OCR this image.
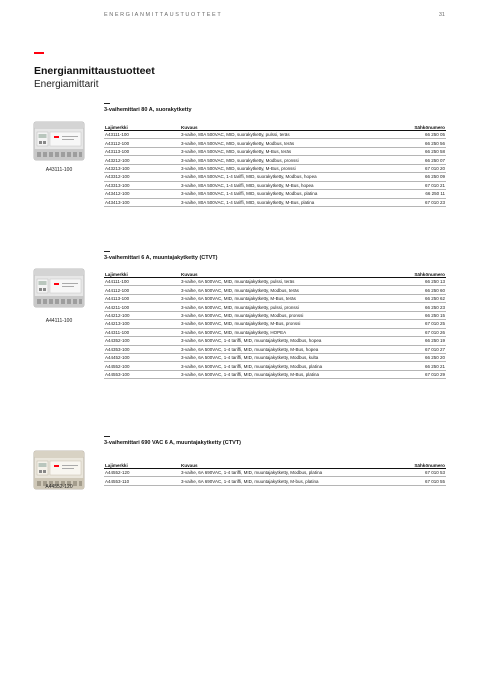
ENERGIANMITTAUSTUOTTEET	31
Energianmittaustuotteet
Energiamittarit
3-vaihemittari 80 A, suorakytketty
A43111-100
Lajimerkki	Kuvaus	Sähkönumero
A43111-100	3-vaihe, 80A 500VAC, MID, suorakytketty, pulssi, teräs	66 250 05
A43112-100	3-vaihe, 80A 500VAC, MID, suorakytketty, Modbus, teräs	66 250 56
A43113-100	3-vaihe, 80A 500VAC, MID, suorakytketty, M-Bus, teräs	66 250 58
A43212-100	3-vaihe, 80A 500VAC, MID, suorakytketty, Modbus, pronssi	66 250 07
A43213-100	3-vaihe, 80A 500VAC, MID, suorakytketty, M-Bus, pronssi	67 010 20
A43312-100	3-vaihe, 80A 500VAC, 1-4 tariffi, MID, suorakytketty, Modbus, hopea	66 250 09
A43313-100	3-vaihe, 80A 500VAC, 1-4 tariffi, MID, suorakytketty, M-Bus, hopea	67 010 21
A43412-100	3-vaihe, 80A 500VAC, 1-4 tariffi, MID, suorakytketty, Modbus, platina	66 250 11
A43413-100	3-vaihe, 80A 500VAC, 1-4 tariffi, MID, suorakytketty, M-Bus, platina	67 010 23
3-vaihemittari 6 A, muuntajakytketty (CTVT)
A44111-100
Lajimerkki	Kuvaus	Sähkönumero
A44111-100	3-vaihe, 6A 500VAC, MID, muuntajakytketty, pulssi, teräs	66 250 13
A44112-100	3-vaihe, 6A 500VAC, MID, muuntajakytketty, Modbus, teräs	66 250 60
A44113-100	3-vaihe, 6A 500VAC, MID, muuntajakytketty, M-Bus, teräs	66 250 62
A44211-100	3-vaihe, 6A 500VAC, MID, muuntajakytketty, pulssi, pronssi	66 250 23
A44212-100	3-vaihe, 6A 500VAC, MID, muuntajakytketty, Modbus, pronssi	66 250 15
A44213-100	3-vaihe, 6A 500VAC, MID, muuntajakytketty, M-Bus, pronssi	67 010 25
A44311-100	3-vaihe, 6A 500VAC, MID, muuntajakytketty, HOPEA	67 010 26
A44352-100	3-vaihe, 6A 500VAC, 1-4 tariffi, MID, muuntajakytketty, Modbus, hopea	66 250 19
A44353-100	3-vaihe, 6A 500VAC, 1-4 tariffi, MID, muuntajakytketty, M-Bus, hopea	67 010 27
A44452-100	3-vaihe, 6A 500VAC, 1-4 tariffi, MID, muuntajakytketty, Modbus, kulta	66 250 20
A44552-100	3-vaihe, 6A 500VAC, 1-4 tariffi, MID, muuntajakytketty, Modbus, platina	66 250 21
A44553-100	3-vaihe, 6A 500VAC, 1-4 tariffi, MID, muuntajakytketty, M-Bus, platina	67 010 29
3-vaihemittari 690 VAC 6 A, muuntajakytketty (CTVT)
A44552-120
Lajimerkki	Kuvaus	Sähkönumero
A44552-120	3-vaihe, 6A 690VAC, 1-4 tariffi, MID, muuntajakytketty, Modbus, platina	67 010 53
A44553-110	3-vaihe, 6A 690VAC, 1-4 tariffi, MID, muuntajakytketty, M-bus, platina	67 010 55
